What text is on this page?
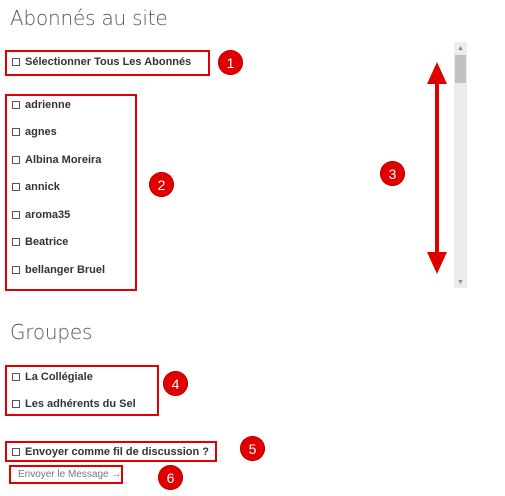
Abonnés au site
Sélectionner Tous Les Abonnés	1
adrienne
agnes
Albina Moreira
annick
aroma35
Beatrice
bellanger Bruel
2
3
▲
▼
Groupes
La Collégiale
Les adhérents du Sel
4
Envoyer comme fil de discussion ?	5
Envoyer le Message →	6
